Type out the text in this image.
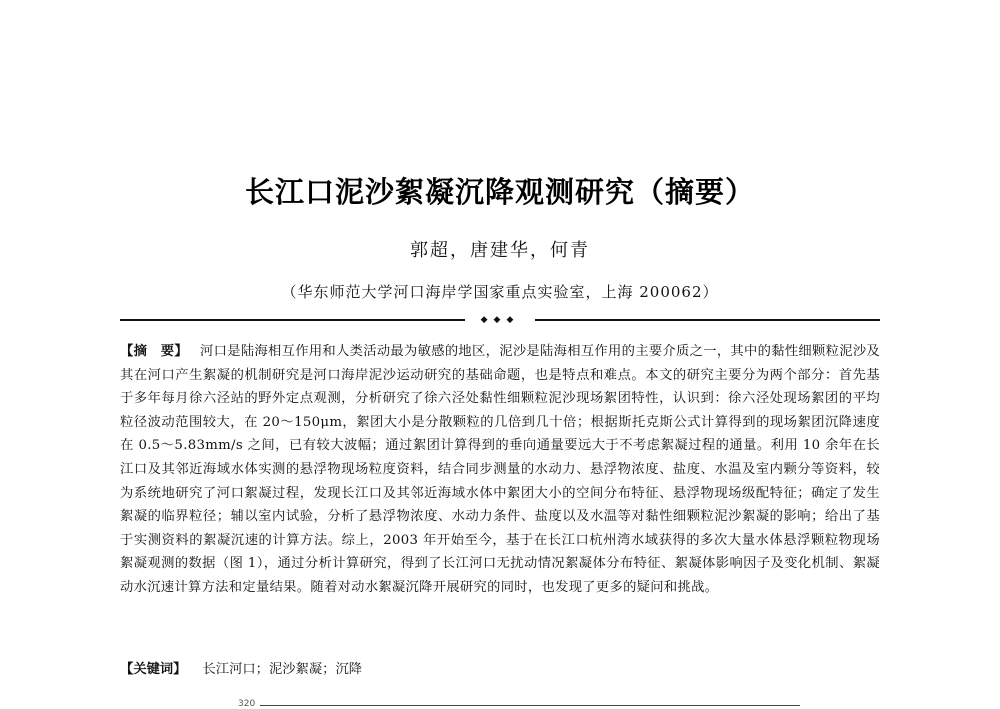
长江口泥沙絮凝沉降观测研究（摘要）
郭超，唐建华，何青
（华东师范大学河口海岸学国家重点实验室，上海 200062）
◆◆◆
【摘　要】 河口是陆海相互作用和人类活动最为敏感的地区，泥沙是陆海相互作用的主要介质之一，其中的黏性细颗粒泥沙及其在河口产生絮凝的机制研究是河口海岸泥沙运动研究的基础命题，也是特点和难点。本文的研究主要分为两个部分：首先基于多年每月徐六泾站的野外定点观测，分析研究了徐六泾处黏性细颗粒泥沙现场絮团特性，认识到：徐六泾处现场絮团的平均粒径波动范围较大，在 20～150μm，絮团大小是分散颗粒的几倍到几十倍；根据斯托克斯公式计算得到的现场絮团沉降速度在 0.5～5.83mm/s 之间，已有较大波幅；通过絮团计算得到的垂向通量要远大于不考虑絮凝过程的通量。利用 10 余年在长江口及其邻近海域水体实测的悬浮物现场粒度资料，结合同步测量的水动力、悬浮物浓度、盐度、水温及室内颗分等资料，较为系统地研究了河口絮凝过程，发现长江口及其邻近海域水体中絮团大小的空间分布特征、悬浮物现场级配特征；确定了发生絮凝的临界粒径；辅以室内试验，分析了悬浮物浓度、水动力条件、盐度以及水温等对黏性细颗粒泥沙絮凝的影响；给出了基于实测资料的絮凝沉速的计算方法。综上，2003 年开始至今，基于在长江口杭州湾水域获得的多次大量水体悬浮颗粒物现场絮凝观测的数据（图 1），通过分析计算研究，得到了长江河口无扰动情况絮凝体分布特征、絮凝体影响因子及变化机制、絮凝动水沉速计算方法和定量结果。随着对动水絮凝沉降开展研究的同时，也发现了更多的疑问和挑战。
【关键词】 长江河口；泥沙絮凝；沉降
320
